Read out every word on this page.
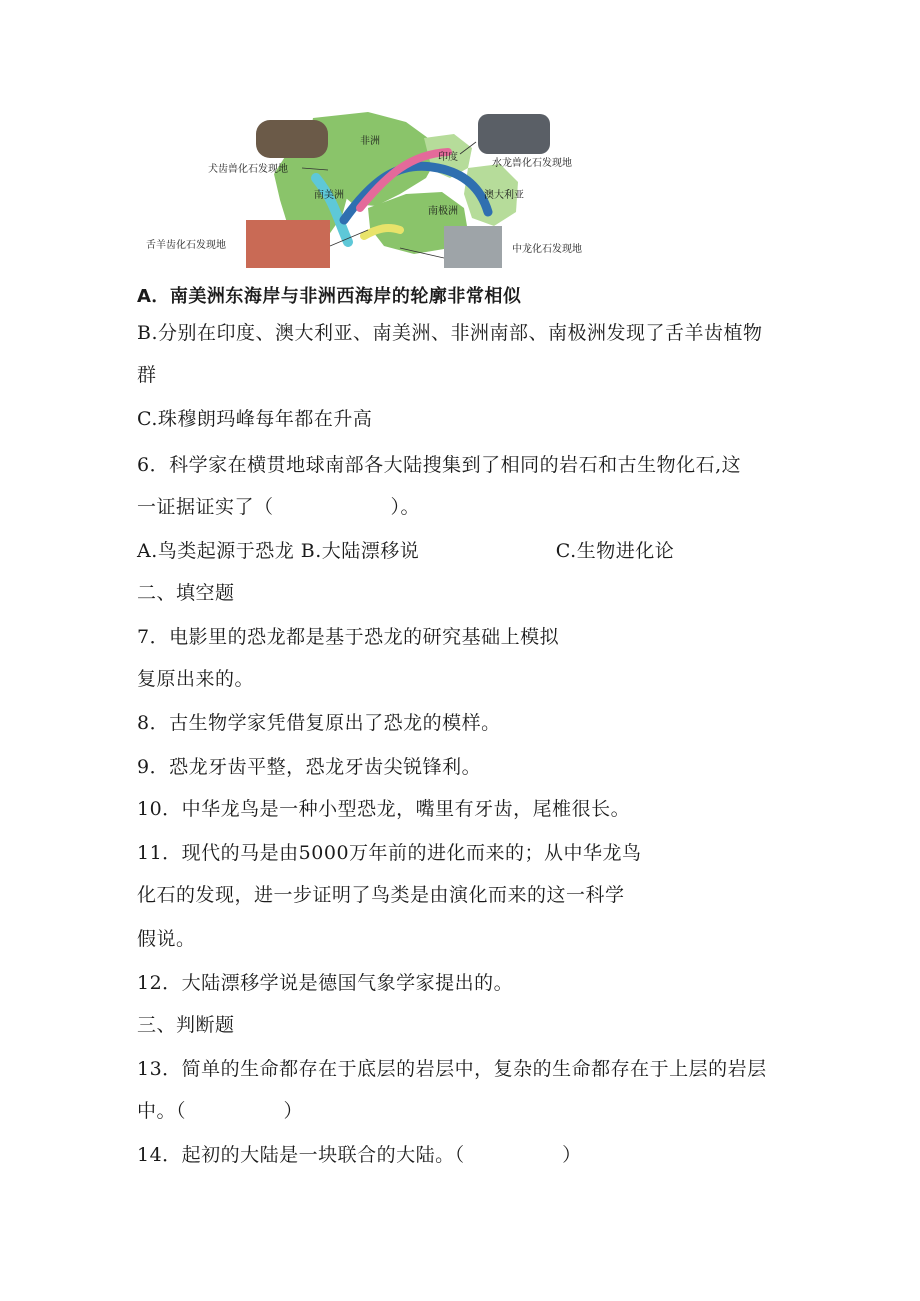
非洲
南美洲
印度
南极洲
澳大利亚
犬齿兽化石发现地
水龙兽化石发现地
舌羊齿化石发现地	中龙化石发现地
A．南美洲东海岸与非洲西海岸的轮廓非常相似
B.分别在印度、澳大利亚、南美洲、非洲南部、南极洲发现了舌羊齿植物
群
C.珠穆朗玛峰每年都在升高
6．科学家在横贯地球南部各大陆搜集到了相同的岩石和古生物化石,这
一证据证实了（　　　　　　）。
A.鸟类起源于恐龙 B.大陆漂移说　　　　　　　C.生物进化论
二、填空题
7．电影里的恐龙都是基于恐龙的研究基础上模拟
复原出来的。
8．古生物学家凭借复原出了恐龙的模样。
9．恐龙牙齿平整，恐龙牙齿尖锐锋利。
10．中华龙鸟是一种小型恐龙，嘴里有牙齿，尾椎很长。
11．现代的马是由5000万年前的进化而来的；从中华龙鸟
化石的发现，进一步证明了鸟类是由演化而来的这一科学
假说。
12．大陆漂移学说是德国气象学家提出的。
三、判断题
13．简单的生命都存在于底层的岩层中，复杂的生命都存在于上层的岩层
中。（　　　　　）
14．起初的大陆是一块联合的大陆。（　　　　　）
